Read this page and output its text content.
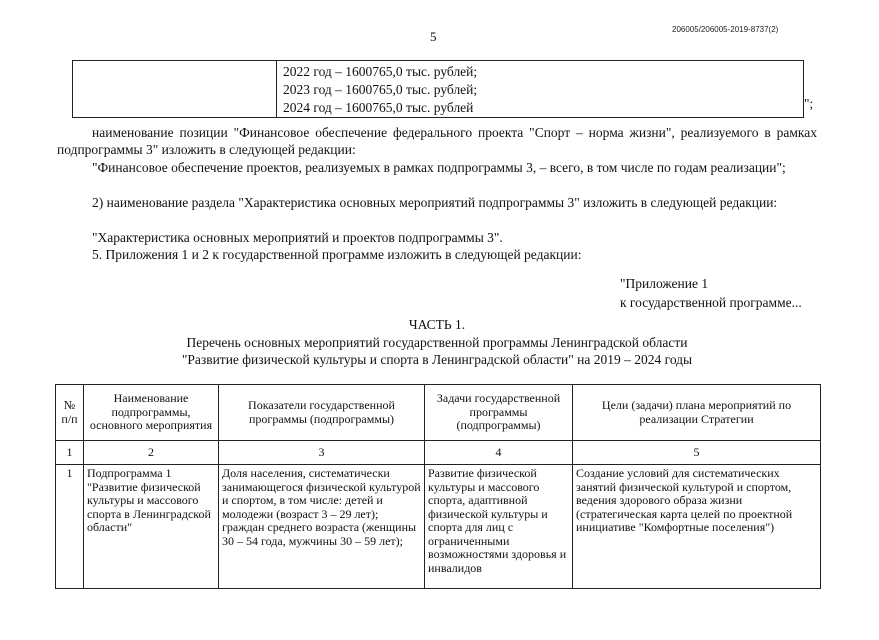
5	206005/206005-2019-8737(2)

2022 год – 1600765,0 тыс. рублей;
2023 год – 1600765,0 тыс. рублей;
2024 год – 1600765,0 тыс. рублей	";
наименование позиции "Финансовое обеспечение федерального проекта "Спорт – норма жизни", реализуемого в рамках подпрограммы 3" изложить в следующей редакции:
"Финансовое обеспечение проектов, реализуемых в рамках подпрограммы 3, – всего, в том числе по годам реализации";
2) наименование раздела "Характеристика основных мероприятий подпрограммы 3" изложить в следующей редакции:
"Характеристика основных мероприятий и проектов подпрограммы 3".
5. Приложения 1 и 2 к государственной программе изложить в следующей редакции:
"Приложение 1
к государственной программе...
ЧАСТЬ 1.
Перечень основных мероприятий государственной программы Ленинградской области
"Развитие физической культуры и спорта в Ленинградской области" на 2019 – 2024 годы
№ п/п	Наименование подпрограммы, основного мероприятия	Показатели государственной программы (подпрограммы)	Задачи государственной программы (подпрограммы)	Цели (задачи) плана мероприятий по реализации Стратегии
1	2	3	4	5
1	Подпрограмма 1 "Развитие физической культуры и массового спорта в Ленинградской области"	Доля населения, систематически занимающегося физической культурой и спортом, в том числе: детей и молодежи (возраст 3 – 29 лет); граждан среднего возраста (женщины 30 – 54 года, мужчины 30 – 59 лет);	Развитие физической культуры и массового спорта, адаптивной физической культуры и спорта для лиц с ограниченными возможностями здоровья и инвалидов	Создание условий для систематических занятий физической культурой и спортом, ведения здорового образа жизни (стратегическая карта целей по проектной инициативе "Комфортные поселения")
